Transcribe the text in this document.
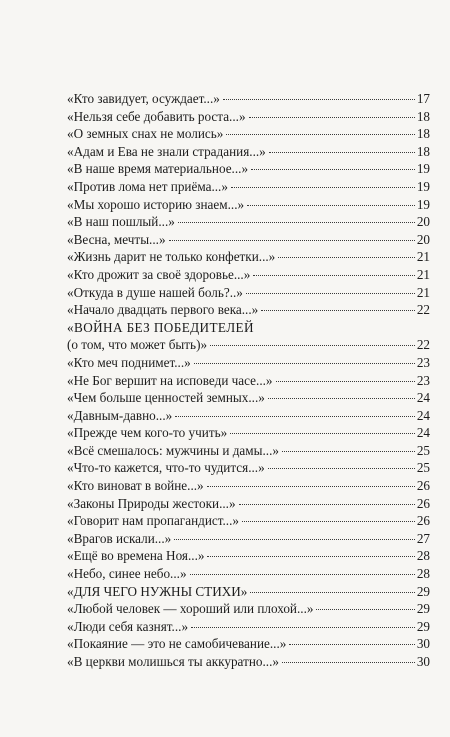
«Кто завидует, осуждает...»	17
«Нельзя себе добавить роста...»	18
«О земных снах не молись»	18
«Адам и Ева не знали страдания...»	18
«В наше время материальное...»	19
«Против лома нет приёма...»	19
«Мы хорошо историю знаем...»	19
«В наш пошлый...»	20
«Весна, мечты...»	20
«Жизнь дарит не только конфетки...»	21
«Кто дрожит за своё здоровье...»	21
«Откуда в душе нашей боль?..»	21
«Начало двадцать первого века...»	22
«ВОЙНА БЕЗ ПОБЕДИТЕЛЕЙ
(о том, что может быть)»	22
«Кто меч поднимет...»	23
«Не Бог вершит на исповеди часе...»	23
«Чем больше ценностей земных...»	24
«Давным-давно...»	24
«Прежде чем кого-то учить»	24
«Всё смешалось: мужчины и дамы...»	25
«Что-то кажется, что-то чудится...»	25
«Кто виноват в войне...»	26
«Законы Природы жестоки...»	26
«Говорит нам пропагандист...»	26
«Врагов искали...»	27
«Ещё во времена Ноя...»	28
«Небо, синее небо...»	28
«ДЛЯ ЧЕГО НУЖНЫ СТИХИ»	29
«Любой человек — хороший или плохой...»	29
«Люди себя казнят...»	29
«Покаяние — это не самобичевание...»	30
«В церкви молишься ты аккуратно...»	30
